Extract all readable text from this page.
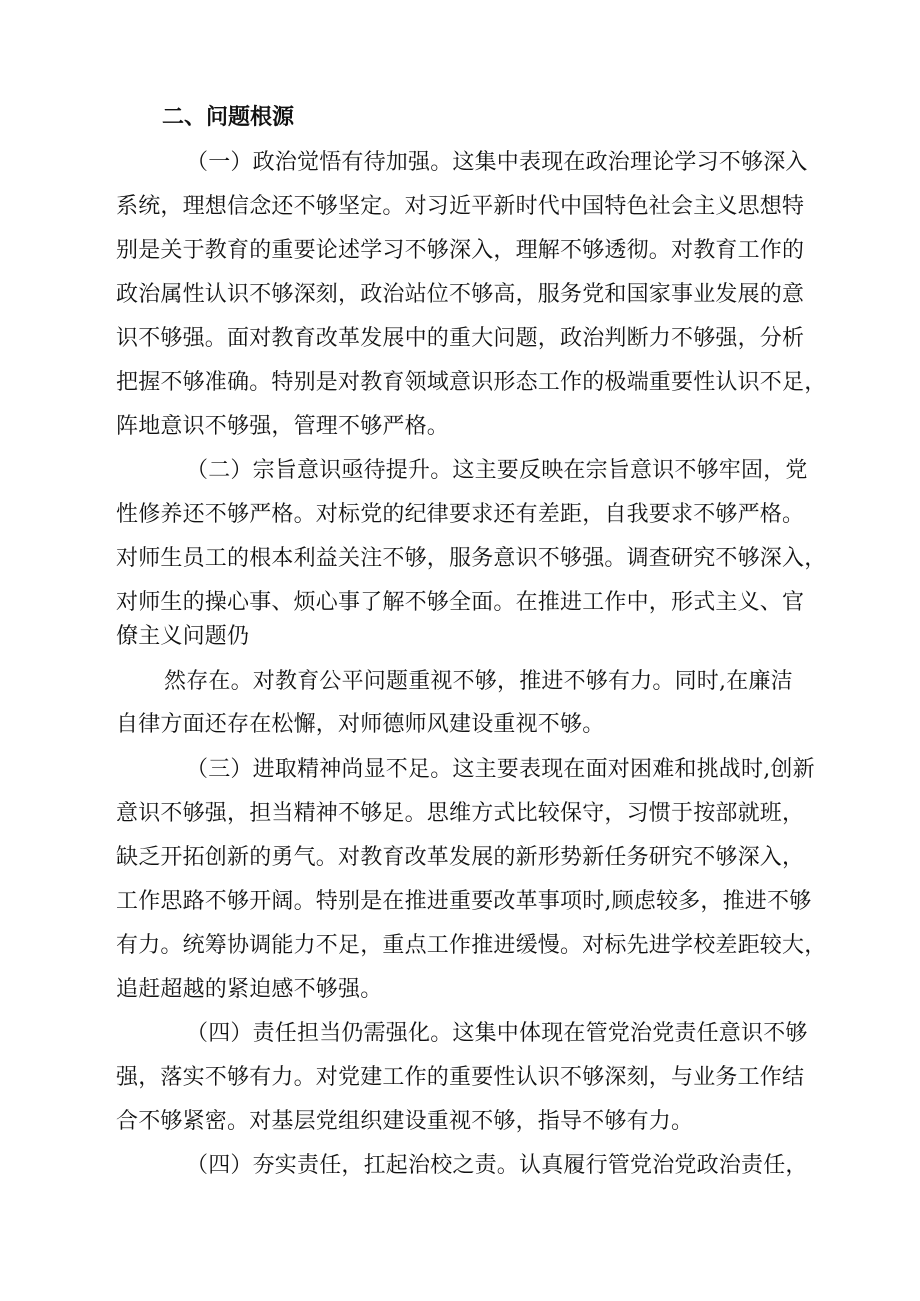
二、问题根源
（一）政治觉悟有待加强。这集中表现在政治理论学习不够深入
系统，理想信念还不够坚定。对习近平新时代中国特色社会主义思想特
别是关于教育的重要论述学习不够深入，理解不够透彻。对教育工作的
政治属性认识不够深刻，政治站位不够高，服务党和国家事业发展的意
识不够强。面对教育改革发展中的重大问题，政治判断力不够强，分析
把握不够准确。特别是对教育领域意识形态工作的极端重要性认识不足，
阵地意识不够强，管理不够严格。
（二）宗旨意识亟待提升。这主要反映在宗旨意识不够牢固，党
性修养还不够严格。对标党的纪律要求还有差距，自我要求不够严格。
对师生员工的根本利益关注不够，服务意识不够强。调查研究不够深入，
对师生的操心事、烦心事了解不够全面。在推进工作中，形式主义、官
僚主义问题仍
然存在。对教育公平问题重视不够，推进不够有力。同时,在廉洁
自律方面还存在松懈，对师德师风建设重视不够。
（三）进取精神尚显不足。这主要表现在面对困难和挑战时,创新
意识不够强，担当精神不够足。思维方式比较保守，习惯于按部就班，
缺乏开拓创新的勇气。对教育改革发展的新形势新任务研究不够深入，
工作思路不够开阔。特别是在推进重要改革事项时,顾虑较多，推进不够
有力。统筹协调能力不足，重点工作推进缓慢。对标先进学校差距较大，
追赶超越的紧迫感不够强。
（四）责任担当仍需强化。这集中体现在管党治党责任意识不够
强，落实不够有力。对党建工作的重要性认识不够深刻，与业务工作结
合不够紧密。对基层党组织建设重视不够，指导不够有力。
（四）夯实责任，扛起治校之责。认真履行管党治党政治责任，
